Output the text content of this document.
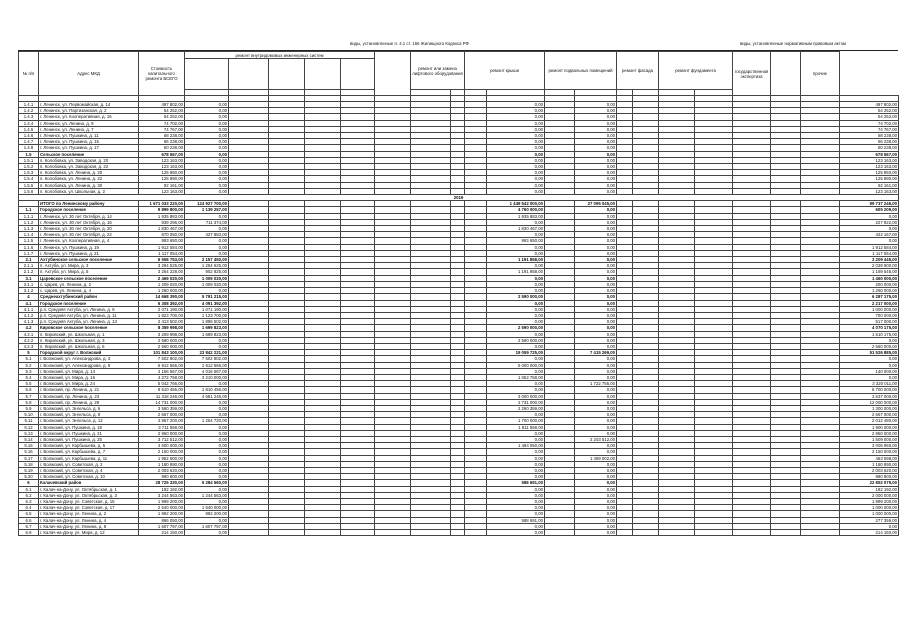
виды, установленные п. 4.1 ст. 166 Жилищного Кодекса РФ	виды, установленные нормативным правовым актом
№ п/п	Адрес МКД	Стоимость капитального ремонта ВСЕГО	ремонт внутридомовых инженерных систем						ремонт или замена лифтового оборудования		ремонт крыши		ремонт подвальных помещений		ремонт фасада		ремонт фундамента		государственная экспертиза		прочие	

1.4.1	г. Ленинск, ул. Первомайская, д. 14	497 802,00	0,00									0,00		0,00								497 802,00
1.4.2	г. Ленинск, ул. Партизанская, д. 2	54 252,00	0,00									0,00		0,00								54 252,00
1.4.3	г. Ленинск, ул. Кооперативная, д. 16	54 252,00	0,00									0,00		0,00								54 252,00
1.4.4	г. Ленинск, ул. Ленина, д. 9	74 702,00	0,00									0,00		0,00								74 702,00
1.4.5	г. Ленинск, ул. Ленина, д. 7	74 767,00	0,00									0,00		0,00								74 767,00
1.4.6	г. Ленинск, ул. Пушкина, д. 11	68 238,00	0,00									0,00		0,00								68 238,00
1.4.7	г. Ленинск, ул. Пушкина, д. 15	66 238,00	0,00									0,00		0,00								66 238,00
1.4.8	г. Ленинск, ул. Пушкина, д. 17	60 238,00	0,00									0,00		0,00								60 238,00
1.5	Сельское поселение	678 567,00	0,00									0,00		0,00								678 567,00
1.5.1	п. Колобовка, ул. Заводская, д. 20	123 163,00	0,00									0,00		0,00								123 163,00
1.5.2	п. Колобовка, ул. Заводская, д. 22	123 163,00	0,00									0,00		0,00								123 163,00
1.5.3	п. Колобовка, ул. Ленина, д. 20	125 850,00	0,00									0,00		0,00								125 850,00
1.5.4	п. Колобовка, ул. Ленина, д. 22	125 890,00	0,00									0,00		0,00								125 890,00
1.5.5	п. Колобовка, ул. Ленина, д. 30	92 161,00	0,00									0,00		0,00								92 161,00
1.5.6	п. Колобовка, ул. Школьная, д. 2	123 163,00	0,00									0,00		0,00								123 163,00
2019																						
	ИТОГО по Ленинскому району	1 671 033 220,00	124 927 700,00									1 449 542 000,00		27 095 045,00								99 737 246,00
1.1	Городское поселение	9 899 800,00	1 139 257,00									4 760 000,00		0,00								605 209,00
1.1.1	г. Ленинск, ул. 30 лет Октября, д. 14	1 935 883,00	0,00									1 935 883,00		0,00								0,00
1.1.2	г. Ленинск, ул. 30 лет Октября, д. 16	939 296,00	711 374,00									0,00		0,00								227 922,00
1.1.3	г. Ленинск, ул. 30 лет Октября, д. 20	1 830 467,00	0,00									1 830 467,00		0,00								0,00
1.1.4	г. Ленинск, ул. 30 лет Октября, д. 22	870 050,00	427 883,00									0,00		0,00								442 167,00
1.1.5	г. Ленинск, ул. Кооперативная, д. 4	993 650,00	0,00									993 650,00		0,00								0,00
1.1.6	г. Ленинск, ул. Пушкина, д. 19	1 912 584,00	0,00									0,00		0,00								1 912 584,00
1.1.7	г. Ленинск, ул. Пушкина, д. 21	1 117 054,00	0,00									0,00		0,00								1 117 054,00
2.1	Ахтубинское сельское поселение	6 558 753,00	2 157 450,00									1 191 858,00		0,00								3 209 445,00
2.1.1	п. Ахтуба, ул. Мира, д. 3	3 294 525,00	1 254 625,00									0,00		0,00								2 039 900,00
2.1.2	п. Ахтуба, ул. Мира, д. 5	3 264 228,00	902 825,00									1 191 858,00		0,00								1 169 545,00
3.1	Царевское сельское поселение	2 469 020,00	1 009 020,00									0,00		0,00								1 460 000,00
3.1.1	с. Царев, ул. Ленина, д. 2	1 209 020,00	1 009 020,00									0,00		0,00								200 000,00
3.1.2	с. Царев, ул. Ленина, д. 4	1 260 000,00	0,00									0,00		0,00								1 260 000,00
4	Среднеахтубинский район	14 668 390,00	5 791 215,00									2 590 000,00		0,00								6 287 175,00
4.1	Городское поселение	6 308 392,00	4 091 392,00									0,00		0,00								2 217 000,00
4.1.1	р.п. Средняя Ахтуба, ул. Ленина, д. 9	2 071 190,00	1 071 190,00									0,00		0,00								1 000 000,00
4.1.2	р.п. Средняя Ахтуба, ул. Ленина, д. 11	1 823 700,00	1 123 700,00									0,00		0,00								700 000,00
4.1.3	р.п. Средняя Ахтуба, ул. Ленина, д. 13	2 413 502,00	1 896 502,00									0,00		0,00								517 000,00
4.2	Кировское сельское поселение	8 359 998,00	1 699 823,00									2 590 000,00		0,00								4 070 175,00
4.2.1	п. Кировский, ул. Школьная, д. 1	3 209 998,00	1 699 823,00									0,00		0,00								1 510 175,00
4.2.2	п. Кировский, ул. Школьная, д. 3	2 590 000,00	0,00									2 590 000,00		0,00								0,00
4.2.3	п. Кировский, ул. Школьная, д. 5	2 560 000,00	0,00									0,00		0,00								2 560 000,00
5	Городской округ г. Волжский	101 843 100,00	23 842 221,00									19 059 725,00		7 415 269,00								51 526 885,00
5.1	г. Волжский, ул. Александрова, д. 3	7 502 802,00	7 502 802,00									0,00		0,00								0,00
5.2	г. Волжский, ул. Александрова, д. 5	6 912 566,00	1 912 566,00									5 000 000,00		0,00								0,00
5.3	г. Волжский, ул. Мира, д. 14	4 156 567,00	4 016 567,00									0,00		0,00								140 000,00
5.4	г. Волжский, ул. Мира, д. 16	4 272 758,00	3 210 000,00									1 062 758,00		0,00								0,00
5.5	г. Волжский, ул. Мира, д. 24	5 042 766,00	0,00									0,00		1 722 755,00								3 320 011,00
5.6	г. Волжский, пр. Ленина, д. 21	8 510 456,00	1 810 456,00									0,00		0,00								6 700 000,00
5.7	г. Волжский, пр. Ленина, д. 23	11 318 246,00	4 681 246,00									3 000 000,00		0,00								3 637 000,00
5.8	г. Волжский, пр. Ленина, д. 29	14 731 000,00	0,00									2 731 000,00		0,00								12 000 000,00
5.9	г. Волжский, ул. Энгельса, д. 6	3 560 359,00	0,00									2 260 359,00		0,00								1 300 000,00
5.10	г. Волжский, ул. Энгельса, д. 8	2 667 000,00	0,00									0,00		0,00								2 667 000,00
5.11	г. Волжский, ул. Энгельса, д. 12	4 967 200,00	1 254 720,00									1 700 000,00		0,00								2 012 480,00
5.12	г. Волжский, ул. Пушкина, д. 19	3 711 558,00	0,00									1 811 558,00		0,00								1 900 000,00
5.13	г. Волжский, ул. Пушкина, д. 21	2 950 000,00	0,00									0,00		0,00								2 950 000,00
5.14	г. Волжский, ул. Пушкина, д. 25	3 712 512,00	0,00									0,00		2 203 512,00								1 509 000,00
5.15	г. Волжский, ул. Карбышева, д. 5	4 500 000,00	0,00									1 494 050,00		0,00								3 005 950,00
5.16	г. Волжский, ул. Карбышева, д. 7	2 150 000,00	0,00									0,00		0,00								2 150 000,00
5.17	г. Волжский, ул. Карбышева, д. 11	1 952 600,00	0,00									0,00		1 489 002,00								463 598,00
5.18	г. Волжский, ул. Советская, д. 2	1 180 890,00	0,00									0,00		0,00								1 180 890,00
5.19	г. Волжский, ул. Советская, д. 4	2 003 620,00	0,00									0,00		0,00								2 003 620,00
5.20	г. Волжский, ул. Советская, д. 10	990 800,00	0,00									0,00		0,00								990 800,00
6	Калачевский район	28 725 330,00	5 284 560,00									588 691,00		0,00								22 852 079,00
6.1	г. Калач-на-Дону, ул. Октябрьская, д. 1	182 192,00	0,00									0,00		0,00								182 192,00
6.2	г. Калач-на-Дону, ул. Октябрьская, д. 3	3 244 563,00	1 244 563,00									0,00		0,00								2 000 000,00
6.3	г. Калач-на-Дону, ул. Советская, д. 15	1 999 200,00	0,00									0,00		0,00								1 999 200,00
6.4	г. Калач-на-Дону, ул. Советская, д. 17	2 540 000,00	1 540 000,00									0,00		0,00								1 000 000,00
6.5	г. Калач-на-Дону, ул. Ленина, д. 2	1 892 200,00	892 200,00									0,00		0,00								1 000 000,00
6.6	г. Калач-на-Дону, ул. Ленина, д. 4	866 050,00	0,00									588 691,00		0,00								277 359,00
6.7	г. Калач-на-Дону, ул. Ленина, д. 8	1 607 797,00	1 607 797,00									0,00		0,00								0,00
6.8	г. Калач-на-Дону, ул. Мира, д. 12	214 150,00	0,00									0,00		0,00								214 150,00
